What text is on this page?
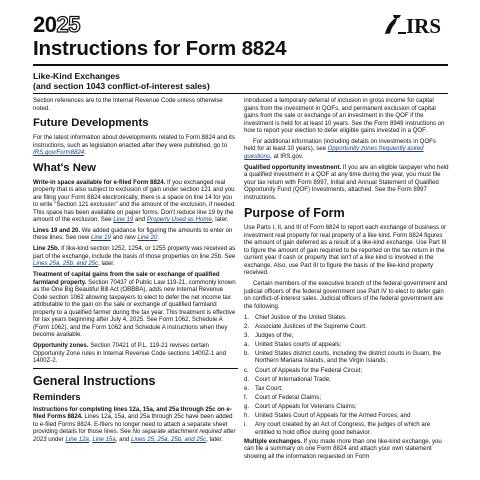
2025	IRS
Instructions for Form 8824
Like-Kind Exchanges
(and section 1043 conflict-of-interest sales)

Section references are to the Internal Revenue Code unless otherwise noted.

Future Developments

For the latest information about developments related to Form 8824 and its instructions, such as legislation enacted after they were published, go to IRS.gov/Form8824.

What's New

Write-in space available for e-filed Form 8824. If you exchanged real property that is also subject to exclusion of gain under section 121 and you are filing your Form 8824 electronically, there is a space on line 14 for you to write “Section 121 exclusion” and the amount of the exclusion, if needed. This space has been available on paper forms. Don't reduce line 19 by the amount of the exclusion. See Line 19 and Property Used as Home, later.

Lines 19 and 20. We added guidance for figuring the amounts to enter on these lines. See new Line 19 and new Line 20.

Line 25b. If like-kind section 1252, 1254, or 1255 property was received as part of the exchange, include the basis of those properties on line 25b. See Lines 25a, 25b, and 25c, later.

Treatment of capital gains from the sale or exchange of qualified farmland property. Section 70437 of Public Law 119-21, commonly known as the One Big Beautiful Bill Act (OBBBA), adds new Internal Revenue Code section 1062 allowing taxpayers to elect to defer the net income tax attributable to the gain on the sale or exchange of qualified farmland property to a qualified farmer during the tax year. This treatment is effective for tax years beginning after July 4, 2025. See Form 1062, Schedule A (Form 1062), and the Form 1062 and Schedule A instructions when they become available.

Opportunity zones. Section 70421 of P.L. 119-21 revises certain Opportunity Zone rules in Internal Revenue Code sections 1400Z-1 and 1400Z-2.

General Instructions
Reminders

Instructions for completing lines 12a, 15a, and 25a through 25c on e-filed Forms 8824. Lines 12a, 15a, and 25a through 25c have been added to e-filed Forms 8824. E-filers no longer need to attach a separate sheet providing details for those lines. See No separate attachment required after 2023 under Line 12a, Line 15a, and Lines 25, 25a, 25b, and 25c, later.

introduced a temporary deferral of inclusion in gross income for capital gains from the investment in QOFs, and permanent exclusion of capital gains from the sale or exchange of an investment in the QOF if the investment is held for at least 10 years. See the Form 8949 instructions on how to report your election to defer eligible gains invested in a QOF.

For additional information (including details on investments in QOFs held for at least 10 years), see Opportunity zones frequently asked questions, at IRS.gov.

Qualified opportunity investment. If you are an eligible taxpayer who held a qualified investment in a QOF at any time during the year, you must file your tax return with Form 8997, Initial and Annual Statement of Qualified Opportunity Fund (QOF) Investments, attached. See the Form 8997 instructions.

Purpose of Form

Use Parts I, II, and III of Form 8824 to report each exchange of business or investment real property for real property of a like kind. Form 8824 figures the amount of gain deferred as a result of a like-kind exchange. Use Part III to figure the amount of gain required to be reported on the tax return in the current year if cash or property that isn't of a like kind is involved in the exchange. Also, use Part III to figure the basis of the like-kind property received.

Certain members of the executive branch of the federal government and judicial officers of the federal government use Part IV to elect to defer gain on conflict-of-interest sales. Judicial officers of the federal government are the following.

1. Chief Justice of the United States.
2. Associate Justices of the Supreme Court.
3. Judges of the;
a. United States courts of appeals;
b. United States district courts, including the district courts in Guam, the Northern Mariana Islands, and the Virgin Islands;
c. Court of Appeals for the Federal Circuit;
d. Court of International Trade;
e. Tax Court;
f. Court of Federal Claims;
g. Court of Appeals for Veterans Claims;
h. United States Court of Appeals for the Armed Forces; and
i. Any court created by an Act of Congress, the judges of which are entitled to hold office during good behavior.

Multiple exchanges. If you made more than one like-kind exchange, you can file a summary on one Form 8824 and attach your own statement showing all the information requested on Form
